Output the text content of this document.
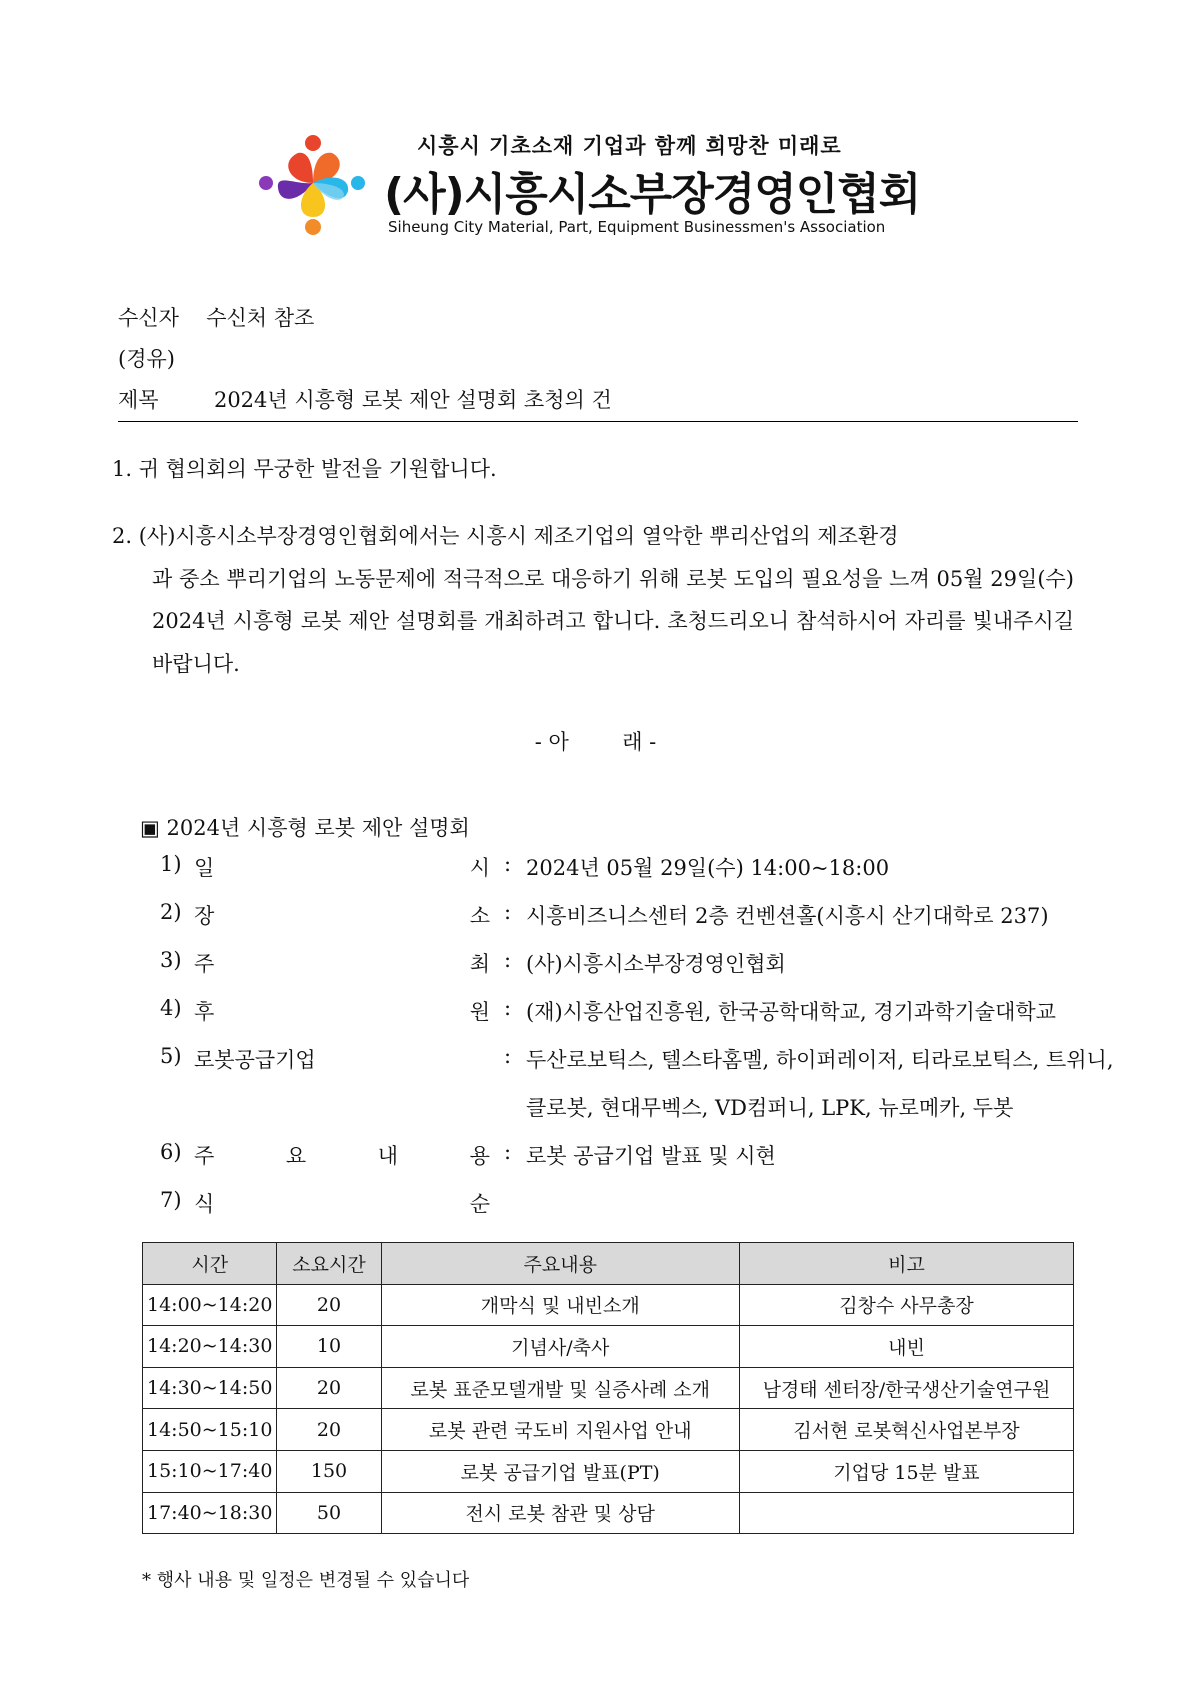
시흥시 기초소재 기업과 함께 희망찬 미래로
(사)시흥시소부장경영인협회
Siheung City Material, Part, Equipment Businessmen's Association
수신자 수신처 참조
(경유)
제목	2024년 시흥형 로봇 제안 설명회 초청의 건
1. 귀 협의회의 무궁한 발전을 기원합니다.
2. (사)시흥시소부장경영인협회에서는 시흥시 제조기업의 열악한 뿌리산업의 제조환경
과 중소 뿌리기업의 노동문제에 적극적으로 대응하기 위해 로봇 도입의 필요성을 느껴 05월 29일(수) 2024년 시흥형 로봇 제안 설명회를 개최하려고 합니다. 초청드리오니 참석하시어 자리를 빛내주시길 바랍니다.
- 아        래 -
▣ 2024년 시흥형 로봇 제안 설명회
1) 일	시 : 2024년 05월 29일(수) 14:00~18:00
2) 장	소 : 시흥비즈니스센터 2층 컨벤션홀(시흥시 산기대학로 237)
3) 주	최 : (사)시흥시소부장경영인협회
4) 후	원 : (재)시흥산업진흥원, 한국공학대학교, 경기과학기술대학교
5) 로봇공급기업	: 두산로보틱스, 텔스타홈멜, 하이퍼레이저, 티라로보틱스, 트위니,
클로봇, 현대무벡스, VD컴퍼니, LPK, 뉴로메카, 두봇
6) 주	요	내	용 : 로봇 공급기업 발표 및 시현
7) 식	순
시간	소요시간	주요내용	비고
14:00~14:20	20	개막식 및 내빈소개	김창수 사무총장
14:20~14:30	10	기념사/축사	내빈
14:30~14:50	20	로봇 표준모델개발 및 실증사례 소개	남경태 센터장/한국생산기술연구원
14:50~15:10	20	로봇 관련 국도비 지원사업 안내	김서현 로봇혁신사업본부장
15:10~17:40	150	로봇 공급기업 발표(PT)	기업당 15분 발표
17:40~18:30	50	전시 로봇 참관 및 상담	
* 행사 내용 및 일정은 변경될 수 있습니다
